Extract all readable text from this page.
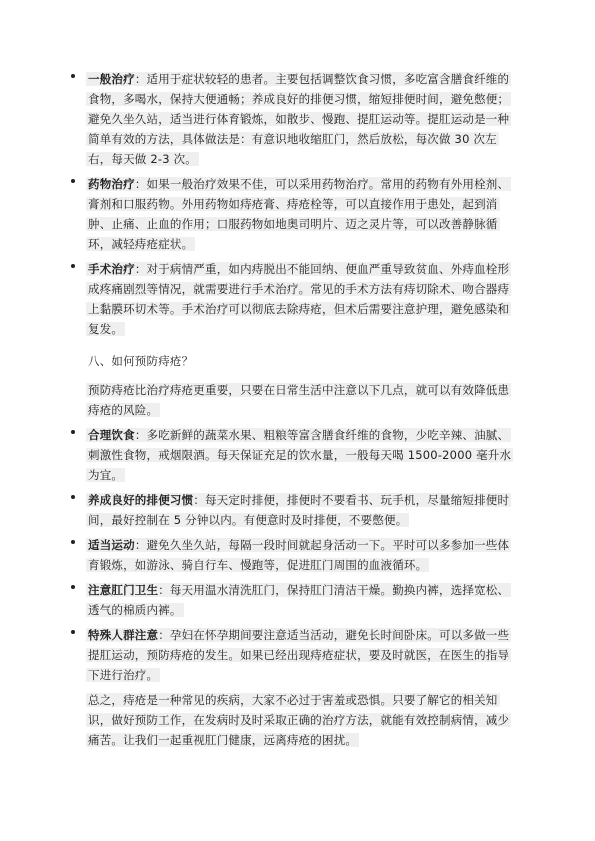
一般治疗：适用于症状较轻的患者。主要包括调整饮食习惯，多吃富含膳食纤维的食物，多喝水，保持大便通畅；养成良好的排便习惯，缩短排便时间，避免憋便；避免久坐久站，适当进行体育锻炼，如散步、慢跑、提肛运动等。提肛运动是一种简单有效的方法，具体做法是：有意识地收缩肛门，然后放松，每次做 30 次左右，每天做 2-3 次。
药物治疗：如果一般治疗效果不佳，可以采用药物治疗。常用的药物有外用栓剂、膏剂和口服药物。外用药物如痔疮膏、痔疮栓等，可以直接作用于患处，起到消肿、止痛、止血的作用；口服药物如地奥司明片、迈之灵片等，可以改善静脉循环，减轻痔疮症状。
手术治疗：对于病情严重，如内痔脱出不能回纳、便血严重导致贫血、外痔血栓形成疼痛剧烈等情况，就需要进行手术治疗。常见的手术方法有痔切除术、吻合器痔上黏膜环切术等。手术治疗可以彻底去除痔疮，但术后需要注意护理，避免感染和复发。
八、如何预防痔疮？
预防痔疮比治疗痔疮更重要，只要在日常生活中注意以下几点，就可以有效降低患痔疮的风险。
合理饮食：多吃新鲜的蔬菜水果、粗粮等富含膳食纤维的食物，少吃辛辣、油腻、刺激性食物，戒烟限酒。每天保证充足的饮水量，一般每天喝 1500-2000 毫升水为宜。
养成良好的排便习惯：每天定时排便，排便时不要看书、玩手机，尽量缩短排便时间，最好控制在 5 分钟以内。有便意时及时排便，不要憋便。
适当运动：避免久坐久站，每隔一段时间就起身活动一下。平时可以多参加一些体育锻炼，如游泳、骑自行车、慢跑等，促进肛门周围的血液循环。
注意肛门卫生：每天用温水清洗肛门，保持肛门清洁干燥。勤换内裤，选择宽松、透气的棉质内裤。
特殊人群注意：孕妇在怀孕期间要注意适当活动，避免长时间卧床。可以多做一些提肛运动，预防痔疮的发生。如果已经出现痔疮症状，要及时就医，在医生的指导下进行治疗。
总之，痔疮是一种常见的疾病，大家不必过于害羞或恐惧。只要了解它的相关知识，做好预防工作，在发病时及时采取正确的治疗方法，就能有效控制病情，减少痛苦。让我们一起重视肛门健康，远离痔疮的困扰。
